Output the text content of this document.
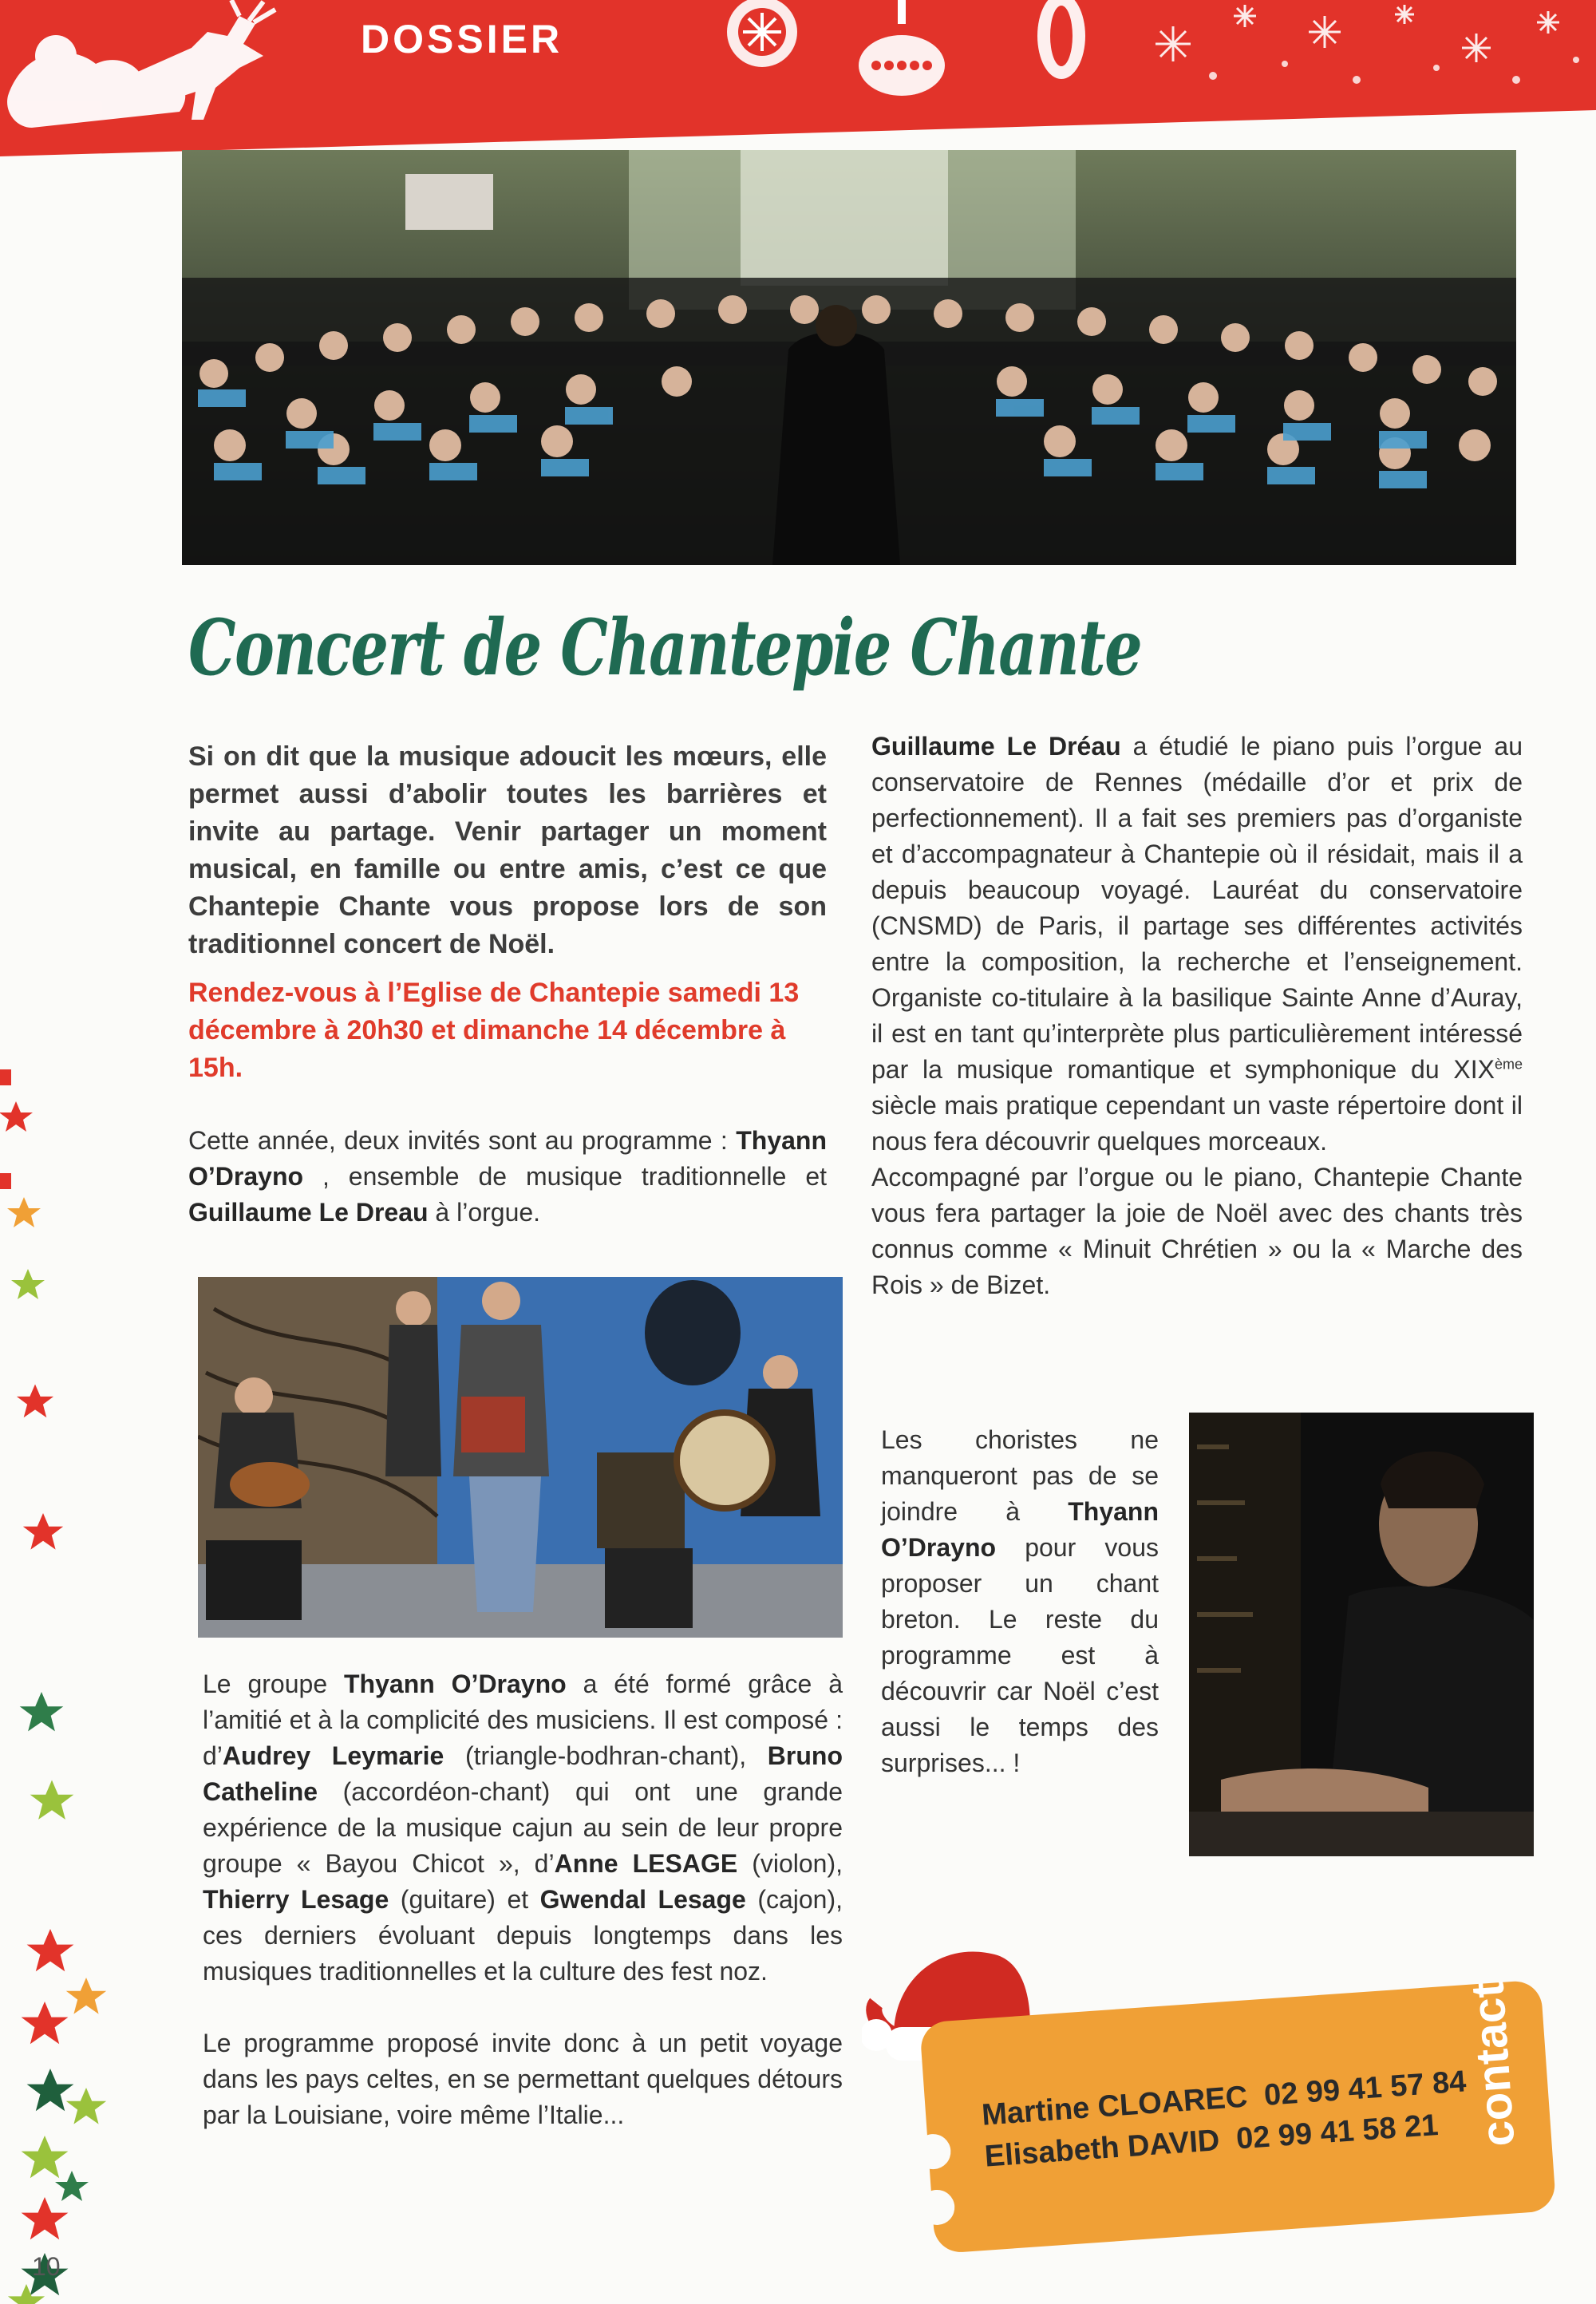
DOSSIER
Concert de Chantepie Chante

Si on dit que la musique adoucit les mœurs, elle permet aussi d’abolir toutes les barrières et invite au partage. Venir partager un moment musical, en famille ou entre amis, c’est ce que Chantepie Chante vous propose lors de son traditionnel concert de Noël.

Rendez-vous à l’Eglise de Chantepie samedi 13 décembre à 20h30 et dimanche 14 décembre à 15h.

Cette année, deux invités sont au programme : Thyann O’Drayno , ensemble de musique traditionnelle et Guillaume Le Dreau à l’orgue.

Le groupe Thyann O’Drayno a été formé grâce à l’amitié et à la complicité des musiciens. Il est composé : d’Audrey Leymarie (triangle-bodhran-chant), Bruno Catheline (accordéon-chant) qui ont une grande expérience de la musique cajun au sein de leur propre groupe « Bayou Chicot », d’Anne LESAGE (violon), Thierry Lesage (guitare) et Gwendal Lesage (cajon), ces derniers évoluant depuis longtemps dans les musiques traditionnelles et la culture des fest noz.

Le programme proposé invite donc à un petit voyage dans les pays celtes, en se permettant quelques détours par la Louisiane, voire même l’Italie...

Guillaume Le Dréau a étudié le piano puis l’orgue au conservatoire de Rennes (médaille d’or et prix de perfectionnement). Il a fait ses premiers pas d’organiste et d’accompagnateur à Chantepie où il résidait, mais il a depuis beaucoup voyagé. Lauréat du conservatoire (CNSMD) de Paris, il partage ses différentes activités entre la composition, la recherche et l’enseignement. Organiste co-titulaire à la basilique Sainte Anne d’Auray, il est en tant qu’interprète plus particulièrement intéressé par la musique romantique et symphonique du XIXème siècle mais pratique cependant un vaste répertoire dont il nous fera découvrir quelques morceaux.

Accompagné par l’orgue ou le piano, Chantepie Chante vous fera partager la joie de Noël avec des chants très connus comme « Minuit Chrétien » ou la « Marche des Rois » de Bizet.

Les choristes ne manqueront pas de se joindre à Thyann O’Drayno pour vous proposer un chant breton. Le reste du programme est à découvrir car Noël c’est aussi le temps des surprises... !

Martine CLOAREC 02 99 41 57 84
Elisabeth DAVID 02 99 41 58 21 contact
10
